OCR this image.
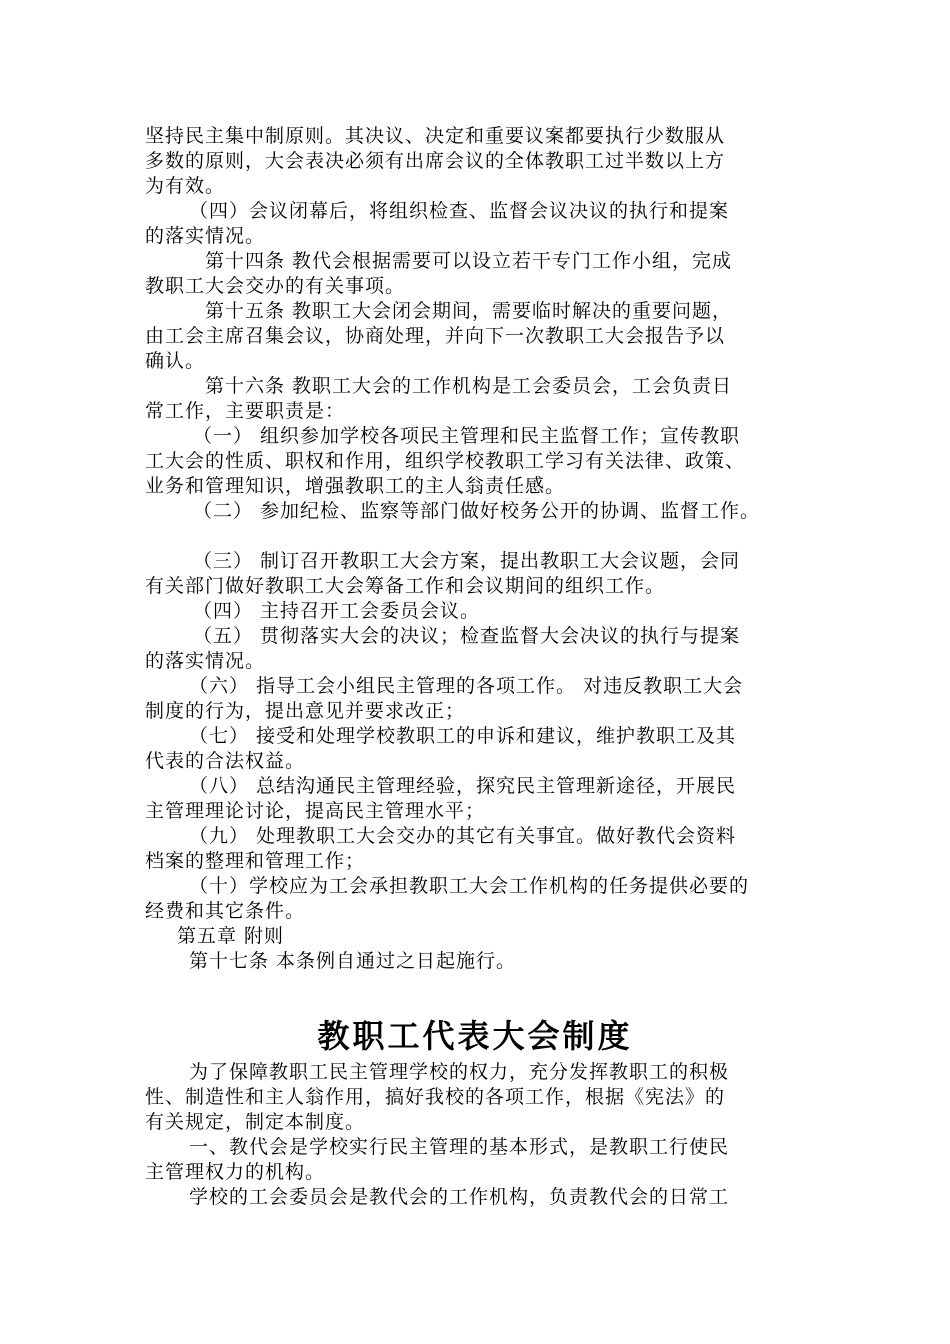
坚持民主集中制原则。其决议、决定和重要议案都要执行少数服从
多数的原则，大会表决必须有出席会议的全体教职工过半数以上方
为有效。
（四）会议闭幕后，将组织检查、监督会议决议的执行和提案
的落实情况。
第十四条 教代会根据需要可以设立若干专门工作小组，完成
教职工大会交办的有关事项。
第十五条 教职工大会闭会期间，需要临时解决的重要问题，
由工会主席召集会议，协商处理，并向下一次教职工大会报告予以
确认。
第十六条 教职工大会的工作机构是工会委员会，工会负责日
常工作，主要职责是：
（一） 组织参加学校各项民主管理和民主监督工作；宣传教职
工大会的性质、职权和作用，组织学校教职工学习有关法律、政策、
业务和管理知识，增强教职工的主人翁责任感。
（二） 参加纪检、监察等部门做好校务公开的协调、监督工作。
（三） 制订召开教职工大会方案，提出教职工大会议题，会同
有关部门做好教职工大会筹备工作和会议期间的组织工作。
（四） 主持召开工会委员会议。
（五） 贯彻落实大会的决议；检查监督大会决议的执行与提案
的落实情况。
（六） 指导工会小组民主管理的各项工作。 对违反教职工大会
制度的行为，提出意见并要求改正；
（七） 接受和处理学校教职工的申诉和建议，维护教职工及其
代表的合法权益。
（八） 总结沟通民主管理经验，探究民主管理新途径，开展民
主管理理论讨论，提高民主管理水平；
（九） 处理教职工大会交办的其它有关事宜。做好教代会资料
档案的整理和管理工作；
（十）学校应为工会承担教职工大会工作机构的任务提供必要的
经费和其它条件。
第五章 附则
第十七条 本条例自通过之日起施行。
教职工代表大会制度
为了保障教职工民主管理学校的权力，充分发挥教职工的积极
性、制造性和主人翁作用，搞好我校的各项工作，根据《宪法》的
有关规定，制定本制度。
一、教代会是学校实行民主管理的基本形式，是教职工行使民
主管理权力的机构。
学校的工会委员会是教代会的工作机构，负责教代会的日常工
